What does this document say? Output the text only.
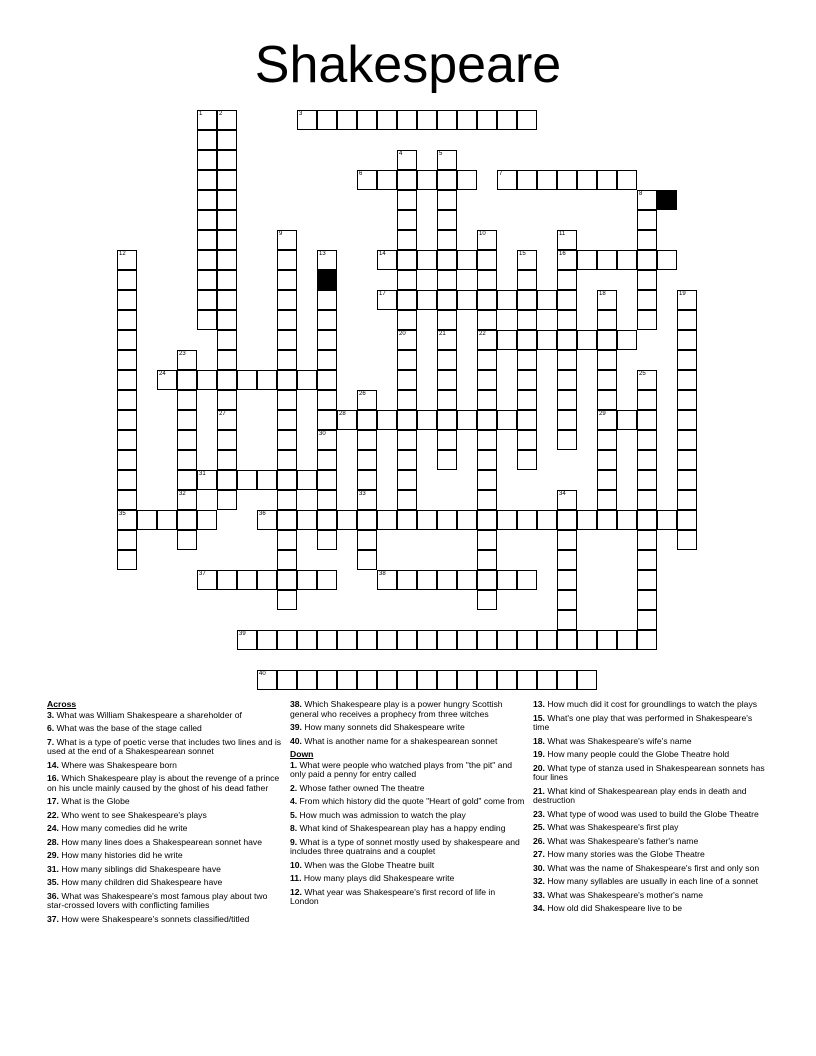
Shakespeare
1	2	3
4	5
6	7
8
9	10	11
12	13	14	15	16
17	18	19
20	21	22
23
24	25
26
27	28	29
30
31
32	33	34
35	36
37	38
39
40
Across
3. What was William Shakespeare a shareholder of
6. What was the base of the stage called
7. What is a type of poetic verse that includes two lines and is used at the end of a Shakespearean sonnet
14. Where was Shakespeare born
16. Which Shakespeare play is about the revenge of a prince on his uncle mainly caused by the ghost of his dead father
17. What is the Globe
22. Who went to see Shakespeare's plays
24. How many comedies did he write
28. How many lines does a Shakespearean sonnet have
29. How many histories did he write
31. How many siblings did Shakespeare have
35. How many children did Shakespeare have
36. What was Shakespeare's most famous play about two star-crossed lovers with conflicting families
37. How were Shakespeare's sonnets classified/titled
38. Which Shakespeare play is a power hungry Scottish general who receives a prophecy from three witches
39. How many sonnets did Shakespeare write
40. What is another name for a shakespearean sonnet
Down
1. What were people who watched plays from "the pit" and only paid a penny for entry called
2. Whose father owned The theatre
4. From which history did the quote "Heart of gold" come from
5. How much was admission to watch the play
8. What kind of Shakespearean play has a happy ending
9. What is a type of sonnet mostly used by shakespeare and includes three quatrains and a couplet
10. When was the Globe Theatre built
11. How many plays did Shakespeare write
12. What year was Shakespeare's first record of life in London
13. How much did it cost for groundlings to watch the plays
15. What's one play that was performed in Shakespeare's time
18. What was Shakespeare's wife's name
19. How many people could the Globe Theatre hold
20. What type of stanza used in Shakespearean sonnets has four lines
21. What kind of Shakespearean play ends in death and destruction
23. What type of wood was used to build the Globe Theatre
25. What was Shakespeare's first play
26. What was Shakespeare's father's name
27. How many stories was the Globe Theatre
30. What was the name of Shakespeare's first and only son
32. How many syllables are usually in each line of a sonnet
33. What was Shakespeare's mother's name
34. How old did Shakespeare live to be
